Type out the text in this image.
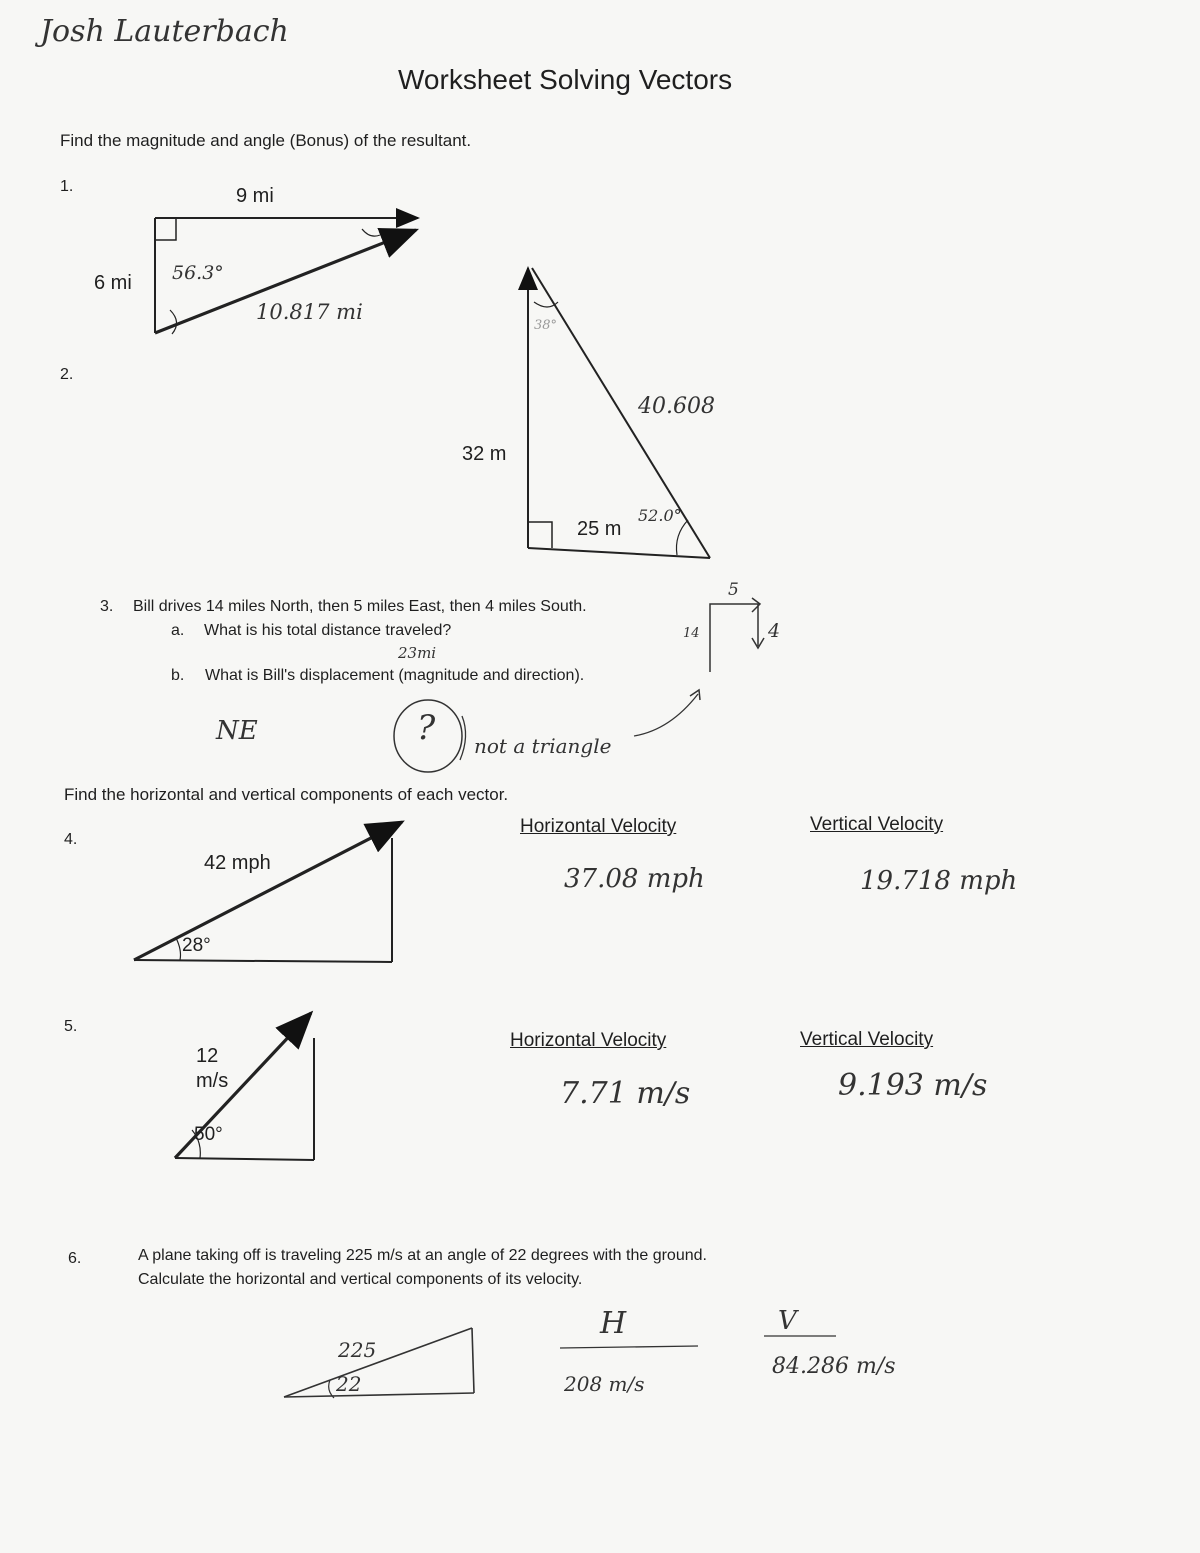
Josh Lauterbach
Worksheet Solving Vectors
Find the magnitude and angle (Bonus) of the resultant.
1.	9 mi
6 mi 56.3°
10.817 mi
2.
32 m
25 m
38°
40.608
52.0°
3. Bill drives 14 miles North, then 5 miles East, then 4 miles South.
a. What is his total distance traveled?
23mi
b. What is Bill's displacement (magnitude and direction).
NE	? not a triangle
14
5
4
Find the horizontal and vertical components of each vector.
4.
Horizontal Velocity	Vertical Velocity
42 mph
28°
37.08 mph	19.718 mph
5.
Horizontal Velocity	Vertical Velocity
12
m/s
50°
7.71 m/s	9.193 m/s
6.	A plane taking off is traveling 225 m/s at an angle of 22 degrees with the ground.
Calculate the horizontal and vertical components of its velocity.
225
22
H
208 m/s
V
84.286 m/s
